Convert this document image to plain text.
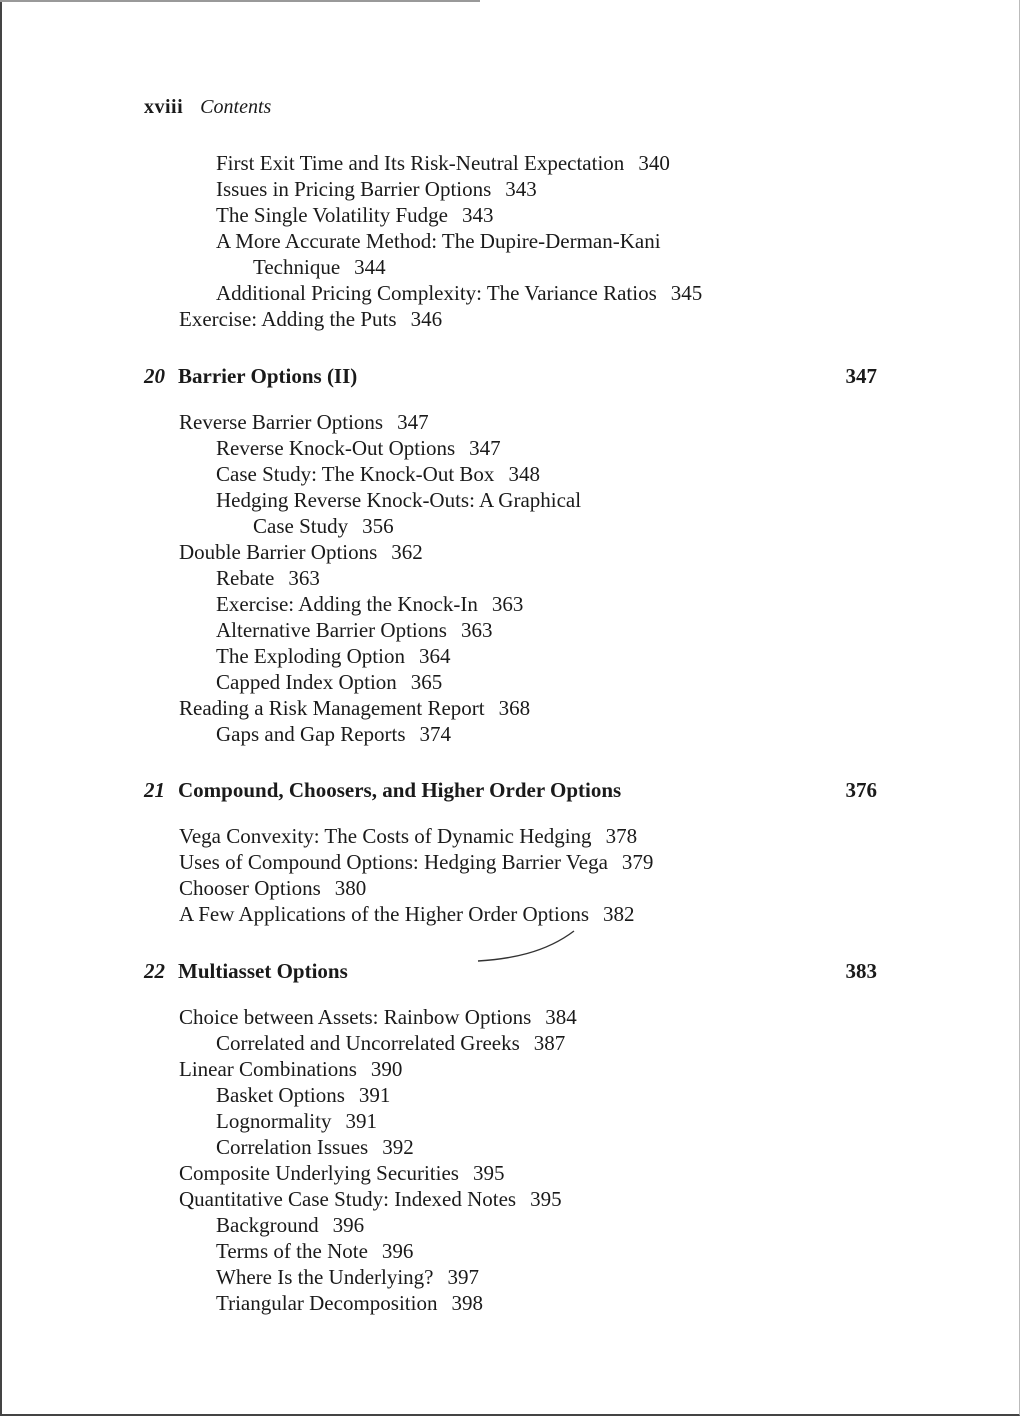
xviii Contents
First Exit Time and Its Risk-Neutral Expectation 340
Issues in Pricing Barrier Options 343
The Single Volatility Fudge 343
A More Accurate Method: The Dupire-Derman-Kani
Technique 344
Additional Pricing Complexity: The Variance Ratios 345
Exercise: Adding the Puts 346
20 Barrier Options (II)	347
Reverse Barrier Options 347
Reverse Knock-Out Options 347
Case Study: The Knock-Out Box 348
Hedging Reverse Knock-Outs: A Graphical
Case Study 356
Double Barrier Options 362
Rebate 363
Exercise: Adding the Knock-In 363
Alternative Barrier Options 363
The Exploding Option 364
Capped Index Option 365
Reading a Risk Management Report 368
Gaps and Gap Reports 374
21 Compound, Choosers, and Higher Order Options	376
Vega Convexity: The Costs of Dynamic Hedging 378
Uses of Compound Options: Hedging Barrier Vega 379
Chooser Options 380
A Few Applications of the Higher Order Options 382
22 Multiasset Options	383
Choice between Assets: Rainbow Options 384
Correlated and Uncorrelated Greeks 387
Linear Combinations 390
Basket Options 391
Lognormality 391
Correlation Issues 392
Composite Underlying Securities 395
Quantitative Case Study: Indexed Notes 395
Background 396
Terms of the Note 396
Where Is the Underlying? 397
Triangular Decomposition 398
